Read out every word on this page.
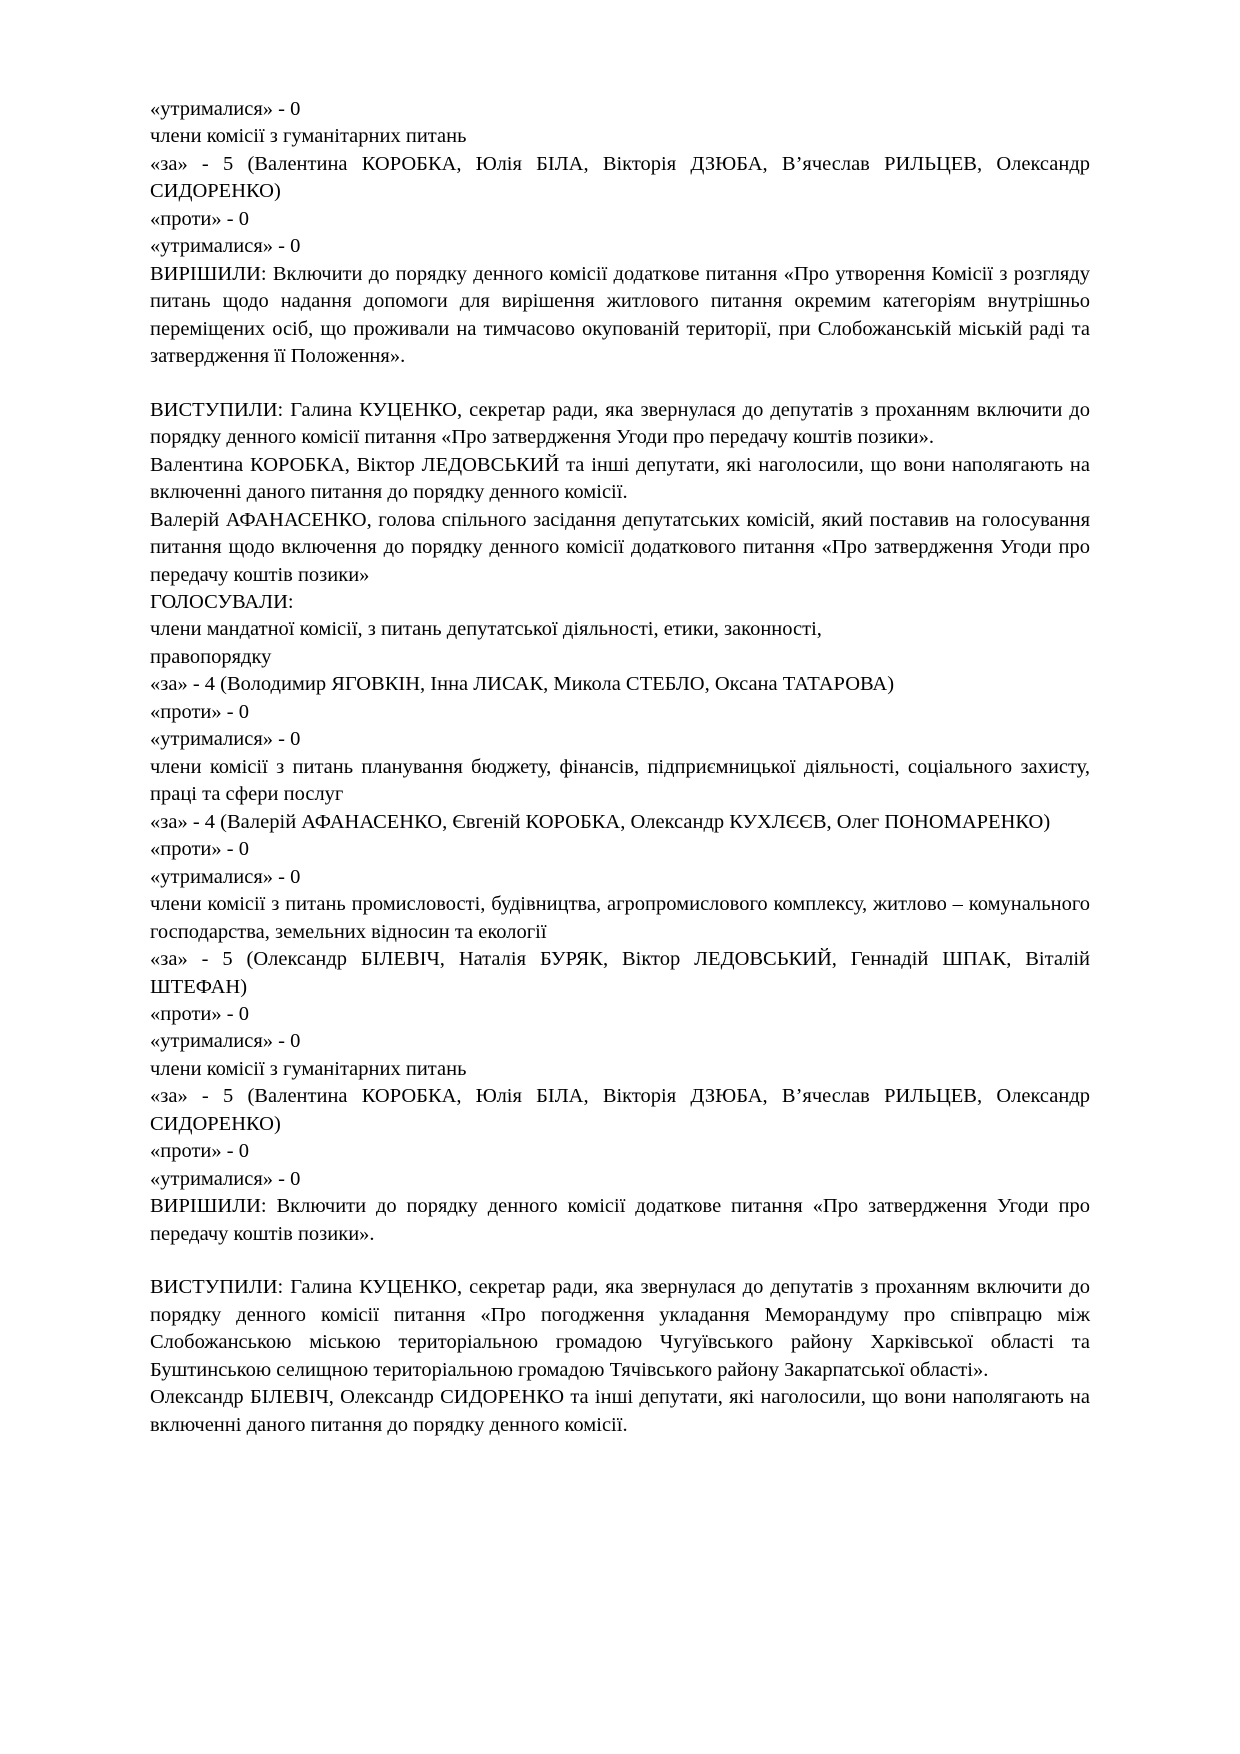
«утрималися» - 0

члени комісії з гуманітарних питань

«за» - 5 (Валентина КОРОБКА, Юлія БІЛА, Вікторія ДЗЮБА, В’ячеслав РИЛЬЦЕВ, Олександр СИДОРЕНКО)

«проти» - 0

«утрималися» - 0

ВИРІШИЛИ: Включити до порядку денного комісії додаткове питання «Про утворення Комісії з розгляду питань щодо надання допомоги для вирішення житлового питання окремим категоріям внутрішньо переміщених осіб, що проживали на тимчасово окупованій території, при Слобожанській міській раді та затвердження її Положення».

ВИСТУПИЛИ: Галина КУЦЕНКО, секретар ради, яка звернулася до депутатів з проханням включити до порядку денного комісії питання «Про затвердження Угоди про передачу коштів позики».

Валентина КОРОБКА, Віктор ЛЕДОВСЬКИЙ та інші депутати, які наголосили, що вони наполягають на включенні даного питання до порядку денного комісії.

Валерій АФАНАСЕНКО, голова спільного засідання депутатських комісій, який поставив на голосування питання щодо включення до порядку денного комісії додаткового питання «Про затвердження Угоди про передачу коштів позики»

ГОЛОСУВАЛИ:

члени мандатної комісії, з питань депутатської діяльності, етики, законності,

правопорядку

«за» - 4 (Володимир ЯГОВКІН, Інна ЛИСАК, Микола СТЕБЛО, Оксана ТАТАРОВА)

«проти» - 0

«утрималися» - 0

члени комісії з питань планування бюджету, фінансів, підприємницької діяльності, соціального захисту, праці та сфери послуг

«за» - 4 (Валерій АФАНАСЕНКО, Євгеній КОРОБКА, Олександр КУХЛЄЄВ, Олег ПОНОМАРЕНКО)

«проти» - 0

«утрималися» - 0

члени комісії з питань промисловості, будівництва, агропромислового комплексу, житлово – комунального господарства, земельних відносин та екології

«за» - 5 (Олександр БІЛЕВІЧ, Наталія БУРЯК, Віктор ЛЕДОВСЬКИЙ, Геннадій ШПАК, Віталій ШТЕФАН)

«проти» - 0

«утрималися» - 0

члени комісії з гуманітарних питань

«за» - 5 (Валентина КОРОБКА, Юлія БІЛА, Вікторія ДЗЮБА, В’ячеслав РИЛЬЦЕВ, Олександр СИДОРЕНКО)

«проти» - 0

«утрималися» - 0

ВИРІШИЛИ: Включити до порядку денного комісії додаткове питання «Про затвердження Угоди про передачу коштів позики».

ВИСТУПИЛИ: Галина КУЦЕНКО, секретар ради, яка звернулася до депутатів з проханням включити до порядку денного комісії питання «Про погодження укладання Меморандуму про співпрацю між Слобожанською міською територіальною громадою Чугуївського району Харківської області та Буштинською селищною територіальною громадою Тячівського району Закарпатської області».

Олександр БІЛЕВІЧ, Олександр СИДОРЕНКО та інші депутати, які наголосили, що вони наполягають на включенні даного питання до порядку денного комісії.
